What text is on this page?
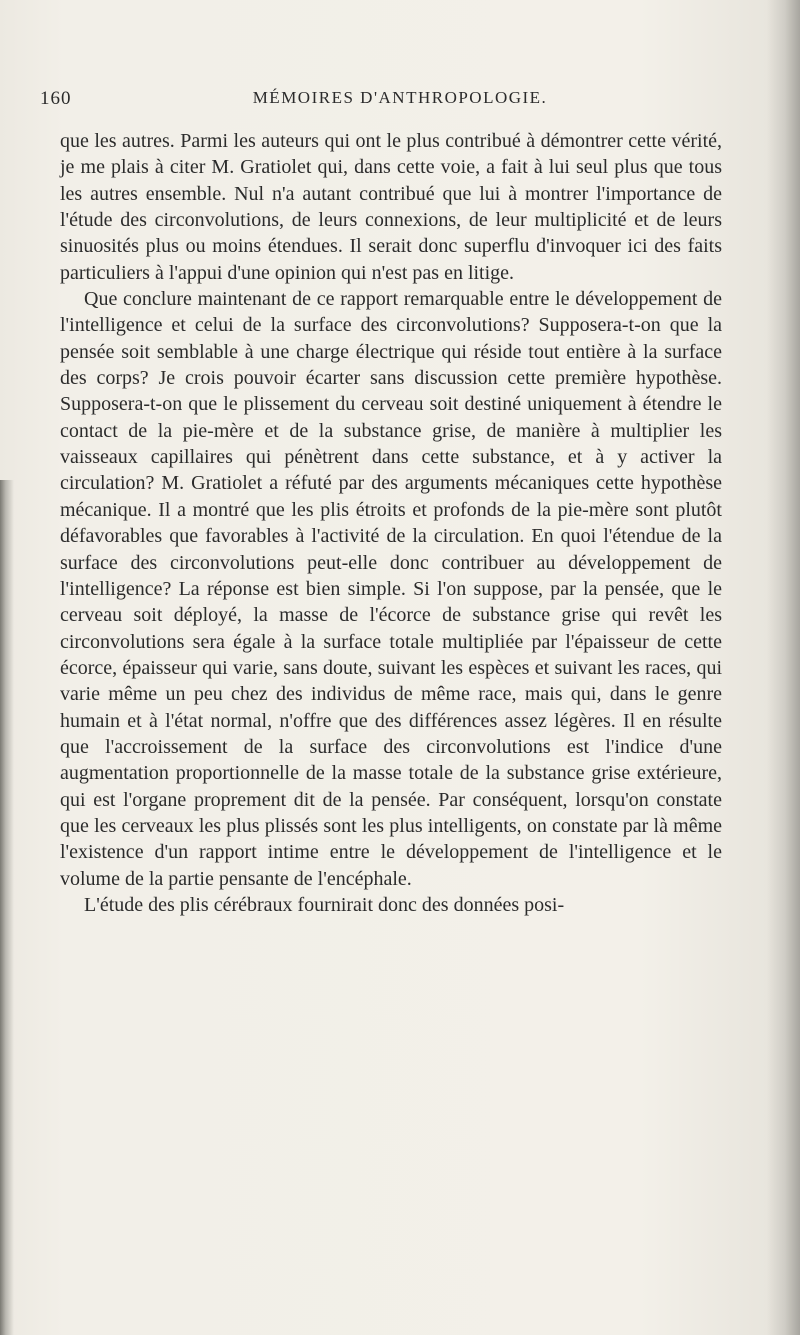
160	MÉMOIRES D'ANTHROPOLOGIE.

que les autres. Parmi les auteurs qui ont le plus contribué à démontrer cette vérité, je me plais à citer M. Gratiolet qui, dans cette voie, a fait à lui seul plus que tous les autres ensemble. Nul n'a autant contribué que lui à montrer l'importance de l'étude des circonvolutions, de leurs connexions, de leur multiplicité et de leurs sinuosités plus ou moins étendues. Il serait donc superflu d'invoquer ici des faits particuliers à l'appui d'une opinion qui n'est pas en litige.

Que conclure maintenant de ce rapport remarquable entre le développement de l'intelligence et celui de la surface des circonvolutions? Supposera-t-on que la pensée soit semblable à une charge électrique qui réside tout entière à la surface des corps? Je crois pouvoir écarter sans discussion cette première hypothèse. Supposera-t-on que le plissement du cerveau soit destiné uniquement à étendre le contact de la pie-mère et de la substance grise, de manière à multiplier les vaisseaux capillaires qui pénètrent dans cette substance, et à y activer la circulation? M. Gratiolet a réfuté par des arguments mécaniques cette hypothèse mécanique. Il a montré que les plis étroits et profonds de la pie-mère sont plutôt défavorables que favorables à l'activité de la circulation. En quoi l'étendue de la surface des circonvolutions peut-elle donc contribuer au développement de l'intelligence? La réponse est bien simple. Si l'on suppose, par la pensée, que le cerveau soit déployé, la masse de l'écorce de substance grise qui revêt les circonvolutions sera égale à la surface totale multipliée par l'épaisseur de cette écorce, épaisseur qui varie, sans doute, suivant les espèces et suivant les races, qui varie même un peu chez des individus de même race, mais qui, dans le genre humain et à l'état normal, n'offre que des différences assez légères. Il en résulte que l'accroissement de la surface des circonvolutions est l'indice d'une augmentation proportionnelle de la masse totale de la substance grise extérieure, qui est l'organe proprement dit de la pensée. Par conséquent, lorsqu'on constate que les cerveaux les plus plissés sont les plus intelligents, on constate par là même l'existence d'un rapport intime entre le développement de l'intelligence et le volume de la partie pensante de l'encéphale.

L'étude des plis cérébraux fournirait donc des données posi-
